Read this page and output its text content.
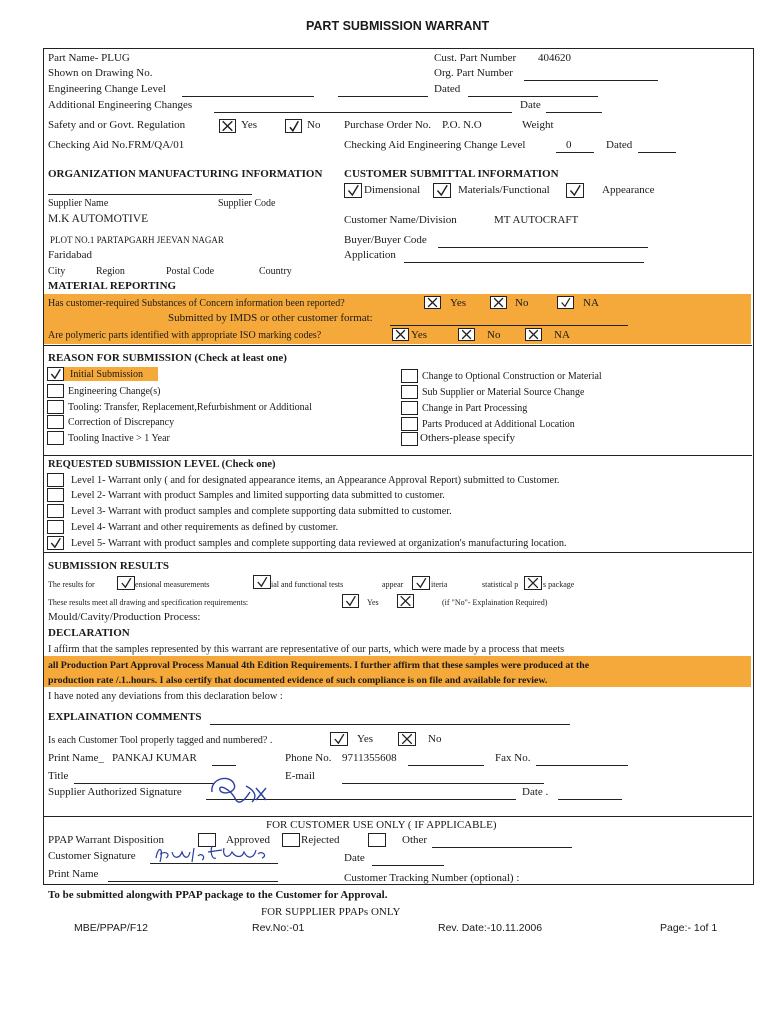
PART SUBMISSION WARRANT
Part Name- PLUG	Cust. Part Number 404620
Shown on Drawing No.	Org. Part Number
Engineering Change Level	Dated
Additional Engineering Changes	Date
Safety and or Govt. Regulation	Yes	No Purchase Order No. P.O. N.O	Weight
Checking Aid No. FRM/QA/01	Checking Aid Engineering Change Level	0	Dated
ORGANIZATION MANUFACTURING INFORMATION CUSTOMER SUBMITTAL INFORMATION
Dimensional	Materials/Functional	Appearance
Supplier Name	Supplier Code
M.K AUTOMOTIVE	Customer Name/Division	MT AUTOCRAFT
PLOT NO.1 PARTAPGARH JEEVAN NAGAR	Buyer/Buyer Code
Faridabad	Application
City	Region	Postal Code	Country
MATERIAL REPORTING
Has customer-required Substances of Concern information been reported?	Yes	No	NA
Submitted by IMDS or other customer format:
Are polymeric parts identified with appropriate ISO marking codes?	Yes	No	NA
REASON FOR SUBMISSION (Check at least one)
Initial Submission
Engineering Change(s)
Tooling: Transfer, Replacement,Refurbishment or Additional
Correction of Discrepancy
Tooling Inactive > 1 Year
Change to Optional Construction or Material
Sub Supplier or Material Source Change
Change in Part Processing
Parts Produced at Additional Location
Others-please specify
REQUESTED SUBMISSION LEVEL (Check one)
Level 1- Warrant only ( and for designated appearance items, an Appearance Approval Report) submitted to Customer.
Level 2- Warrant with product Samples and limited supporting data submitted to customer.
Level 3- Warrant with product samples and complete supporting data submitted to customer.
Level 4- Warrant and other requirements as defined by customer.
Level 5- Warrant with product samples and complete supporting data reviewed at organization's manufacturing location.
SUBMISSION RESULTS
The results for	ensional measurements	ial and functional tests	appear	iteria	statistical p	s package
These results meet all drawing and specification requirements:	Yes	(if "No"- Explaination Required)
Mould/Cavity/Production Process:
DECLARATION
I affirm that the samples represented by this warrant are representative of our parts, which were made by a process that meets
all Production Part Approval Process Manual 4th Edition Requirements. I further affirm that these samples were produced at the
production rate /.1..hours. I also certify that documented evidence of such compliance is on file and available for review.
I have noted any deviations from this declaration below :
EXPLAINATION COMMENTS
Is each Customer Tool properly tagged and numbered? .	Yes	No
Print Name_ PANKAJ KUMAR	Phone No. 9711355608	Fax No.
Title	E-mail
Supplier Authorized Signature	Date .
FOR CUSTOMER USE ONLY ( IF APPLICABLE)
PPAP Warrant Disposition	Approved	Rejected	Other
Customer Signature	Date
Print Name	Customer Tracking Number (optional) :
To be submitted alongwith PPAP package to the Customer for Approval.
FOR SUPPLIER PPAPs ONLY
MBE/PPAP/F12	Rev.No:-01	Rev. Date:-10.11.2006	Page:- 1of 1
